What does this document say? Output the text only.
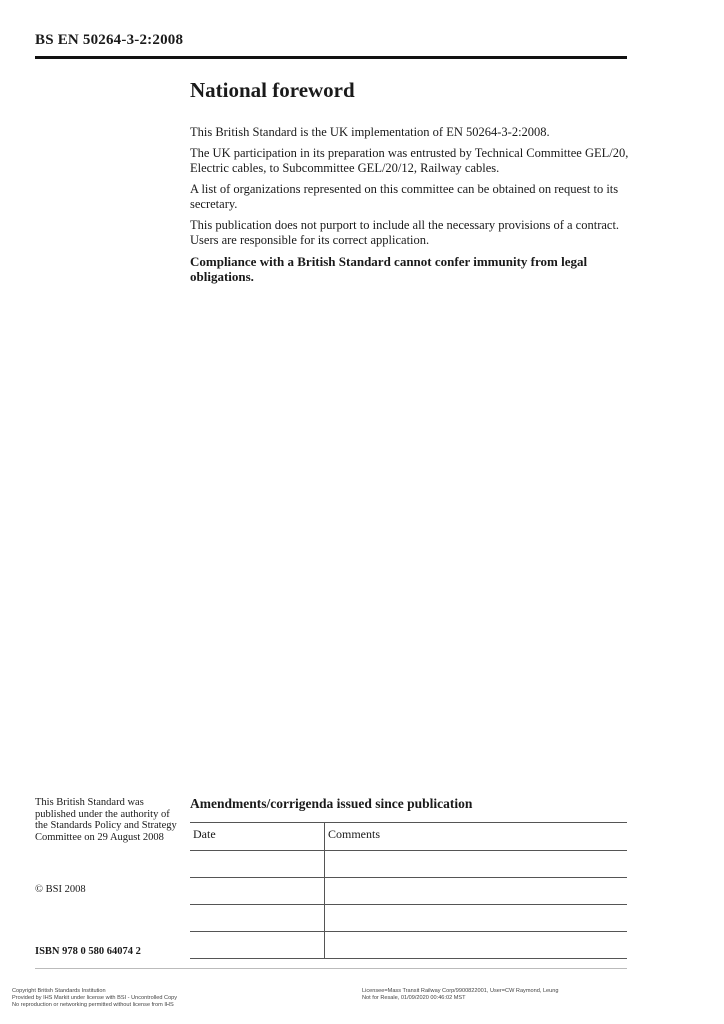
BS EN 50264-3-2:2008
National foreword

This British Standard is the UK implementation of EN 50264-3-2:2008.

The UK participation in its preparation was entrusted by Technical Committee GEL/20, Electric cables, to Subcommittee GEL/20/12, Railway cables.

A list of organizations represented on this committee can be obtained on request to its secretary.

This publication does not purport to include all the necessary provisions of a contract. Users are responsible for its correct application.

Compliance with a British Standard cannot confer immunity from legal obligations.

This British Standard was published under the authority of the Standards Policy and Strategy Committee on 29 August 2008
© BSI 2008
ISBN 978 0 580 64074 2
Amendments/corrigenda issued since publication
Date	Comments

Copyright British Standards Institution
Provided by IHS Markit under license with BSI - Uncontrolled Copy
No reproduction or networking permitted without license from IHS
Licensee=Mass Transit Railway Corp/9900822001, User=CW Raymond, Leung
Not for Resale, 01/09/2020 00:46:02 MST
